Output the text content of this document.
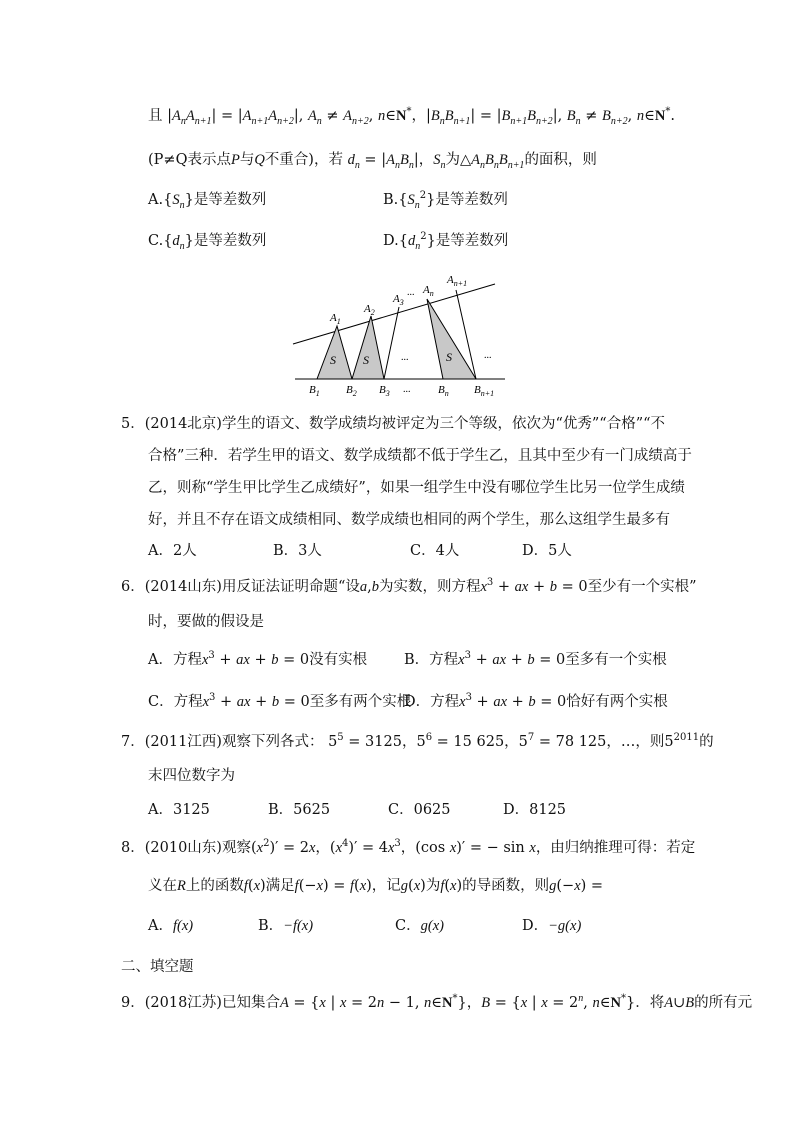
且 $|A_nA_{n+1}| = |A_{n+1}A_{n+2}|$, $A_n \ne A_{n+2}$, n∈N*，$|B_nB_{n+1}| = |B_{n+1}B_{n+2}|$, $B_n \ne B_{n+2}$, n∈N*.
(P≠Q表示点P与Q不重合)，若 $d_n = |A_nB_n|$，$S_n$为$\triangle A_nB_nB_{n+1}$的面积，则
$A.\{S_n\}$是等差数列	$B.\{S_n^2\}$是等差数列
$C.\{d_n\}$是等差数列	$D.\{d_n^2\}$是等差数列
$A_1$
$A_2$
$A_3$
... $A_n$
$A_{n+1}$
S S	...	S	...
$B_1$ $B_2$ $B_3$ ...	$B_n$ $B_{n+1}$
5．(2014北京)学生的语文、数学成绩均被评定为三个等级，依次为“优秀”“合格”“不
合格”三种．若学生甲的语文、数学成绩都不低于学生乙，且其中至少有一门成绩高于
乙，则称“学生甲比学生乙成绩好”，如果一组学生中没有哪位学生比另一位学生成绩
好，并且不存在语文成绩相同、数学成绩也相同的两个学生，那么这组学生最多有
A．2人	B．3人	C．4人	D．5人
6．(2014山东)用反证法证明命题“设a,b为实数，则方程$x^3$ + ax + b = 0至少有一个实根”
时，要做的假设是
A．方程$x^3$ + ax + b = 0没有实根	B．方程$x^3$ + ax + b = 0至多有一个实根
C．方程$x^3$ + ax + b = 0至多有两个实根
D．方程$x^3$ + ax + b = 0恰好有两个实根
7．(2011江西)观察下列各式： $5^5 = 3125$，$5^6 = 15$ 625，$5^7 = 78$ 125，…，则$5^{2011}$的
末四位数字为
A．3125	B．5625	C．0625	D．8125
8．(2010山东)观察$(x^2)' = 2x$，$(x^4)' = 4x^3$，(cos x)′ = − sin x，由归纳推理可得：若定
义在R上的函数f(x)满足f(−x) = f(x)，记g(x)为f(x)的导函数，则g(−x) =
A．f(x)	B．−f(x)	C．g(x)	D．−g(x)
二、填空题
9．(2018江苏)已知集合A = {x | x = 2n − 1, n∈N*}，B = {x | $x = 2^n$, n∈N*}．将A∪B的所有元
